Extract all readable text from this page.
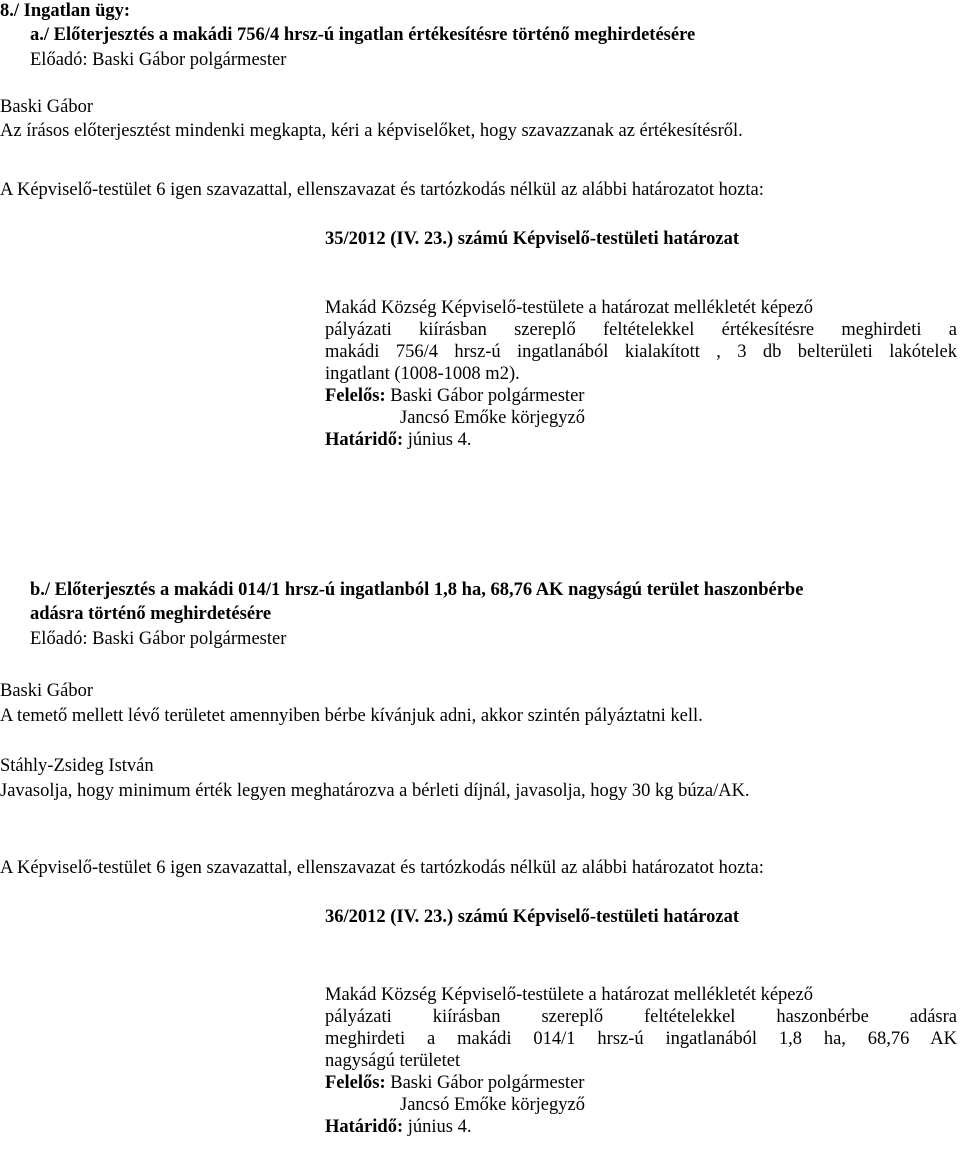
8./ Ingatlan ügy:
a./ Előterjesztés a makádi 756/4 hrsz-ú ingatlan értékesítésre történő meghirdetésére
Előadó: Baski Gábor polgármester
Baski Gábor
Az írásos előterjesztést mindenki megkapta, kéri a képviselőket, hogy szavazzanak az értékesítésről.
A Képviselő-testület 6 igen szavazattal, ellenszavazat és tartózkodás nélkül az alábbi határozatot hozta:
35/2012 (IV. 23.) számú Képviselő-testületi határozat
Makád Község Képviselő-testülete a határozat mellékletét képező
pályázati kiírásban szereplő feltételekkel értékesítésre meghirdeti a
makádi 756/4 hrsz-ú ingatlanából kialakított , 3 db belterületi lakótelek
ingatlant (1008-1008 m2).
Felelős: Baski Gábor polgármester
Jancsó Emőke körjegyző
Határidő: június 4.
b./ Előterjesztés a makádi 014/1 hrsz-ú ingatlanból 1,8 ha, 68,76 AK nagyságú terület haszonbérbe
adásra történő meghirdetésére
Előadó: Baski Gábor polgármester
Baski Gábor
A temető mellett lévő területet amennyiben bérbe kívánjuk adni, akkor szintén pályáztatni kell.
Stáhly-Zsideg István
Javasolja, hogy minimum érték legyen meghatározva a bérleti díjnál, javasolja, hogy 30 kg búza/AK.
A Képviselő-testület 6 igen szavazattal, ellenszavazat és tartózkodás nélkül az alábbi határozatot hozta:
36/2012 (IV. 23.) számú Képviselő-testületi határozat
Makád Község Képviselő-testülete a határozat mellékletét képező
pályázati kiírásban szereplő feltételekkel haszonbérbe adásra
meghirdeti a makádi 014/1 hrsz-ú ingatlanából 1,8 ha, 68,76 AK
nagyságú területet
Felelős: Baski Gábor polgármester
Jancsó Emőke körjegyző
Határidő: június 4.
